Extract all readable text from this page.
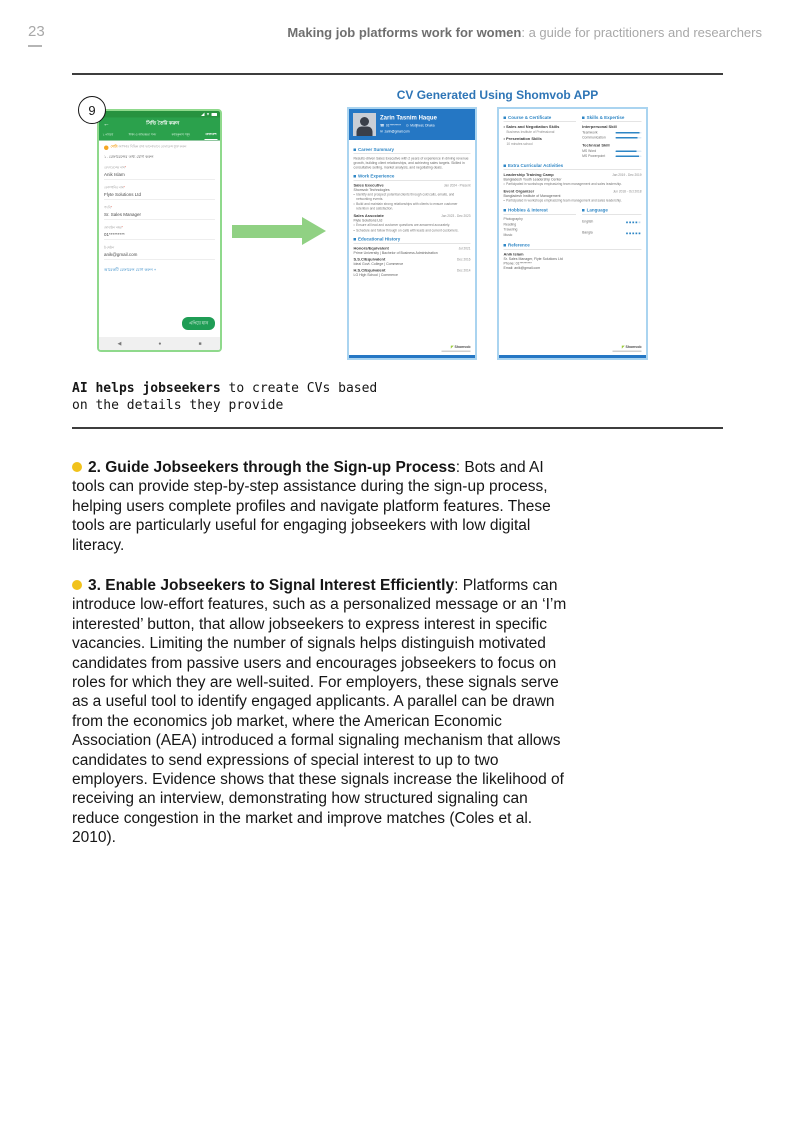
23	Making job platforms work for women: a guide for practitioners and researchers
9
CV Generated Using Shomvob APP
▼
←	সিভি তৈরি করুন
১.পরিচয়	শিক্ষা ও অভিজ্ঞতা সনদ	কারিকুলাম সমূহ	রেফারেন্স
নোট! আপনার বিভিন্ন তথ্য ভালোভাবে রেফারেন্স যুক্ত করুন
১. রেফারেন্সের তথ্য যোগ করুন
রেফারেন্সের নাম*
Anik Islam
কোম্পানির নাম*
Flyte Solutions Ltd
পদবি*
Sr. Sales Manager
মোবাইল নম্বর*
01*********
ই-মেইল
anik@gmail.com
আরেকটি রেফারেন্স যোগ করুন +
এগিয়ে যান
◀	●	■
Zarin Tasnim Haque
☎ 01********* ⊙ Motijheel, Dhaka
✉ zarin@gmail.com
Career Summary
Results-driven Sales Executive with 2 years of experience in driving revenue growth, building client relationships, and achieving sales targets. Skilled in consultative selling, market analysis, and negotiating deals.
Work Experience
Sales Executive	Jan 2024 - Present
Shomvob Technologies
• Identify and prospect potential clients through cold calls, emails, and networking events.
• Build and maintain strong relationships with clients to ensure customer retention and satisfaction.
Sales Associate	Jan 2023 - Dec 2023
Flyte Solutions Ltd
• Ensure all lead and customer questions are answered accurately.
• Schedule and follow through on calls with leads and current customers.
Educational History
Honors/Equivalent	Jul 2021
Prime University | Bachelor of Business Administration
S.S.C/Equivalent	Dec 2016
Ideal Govt. College | Commerce
H.S.C/Equivalent	Dec 2014
LG High School | Commerce
◤ Shomvob
Course & Certificate
• Sales and Negotiation Skills
Business Institute of Professional
• Presentation Skills
10 minutes school
Skills & Expertise
Interpersonal Skill
Teamwork
Communication
Technical Skill
MS Word
MS Powerpoint
Extra Curricular Activities
Leadership Training Camp	Jan 2019 - Dec 2019
Bangladesh Youth Leadership Center
• Participated in workshops emphasizing team management and sales leadership.
Event Organizer	Jun 2018 - Oct 2018
Bangladesh Institute of Management
• Participated in workshops emphasizing team management and sales leadership.
Hobbies & Interest
Photography
Reading
Traveling
Music
Language
English	■■■■■
Bangla	■■■■■
Reference
Anik Islam
Sr. Sales Manager, Flyte Solutions Ltd
Phone: 01*********
Email: anik@gmail.com
◤ Shomvob
AI helps jobseekers to create CVs based
on the details they provide
2. Guide Jobseekers through the Sign-up Process: Bots and AI tools can provide step-by-step assistance during the sign-up process, helping users complete profiles and navigate platform features. These tools are particularly useful for engaging jobseekers with low digital literacy.
3. Enable Jobseekers to Signal Interest Efficiently: Platforms can introduce low-effort features, such as a personalized message or an ‘I’m interested’ button, that allow jobseekers to express interest in specific vacancies. Limiting the number of signals helps distinguish motivated candidates from passive users and encourages jobseekers to focus on roles for which they are well-suited. For employers, these signals serve as a useful tool to identify engaged applicants. A parallel can be drawn from the economics job market, where the American Economic Association (AEA) introduced a formal signaling mechanism that allows candidates to send expressions of special interest to up to two employers. Evidence shows that these signals increase the likelihood of receiving an interview, demonstrating how structured signaling can reduce congestion in the market and improve matches (Coles et al. 2010).
